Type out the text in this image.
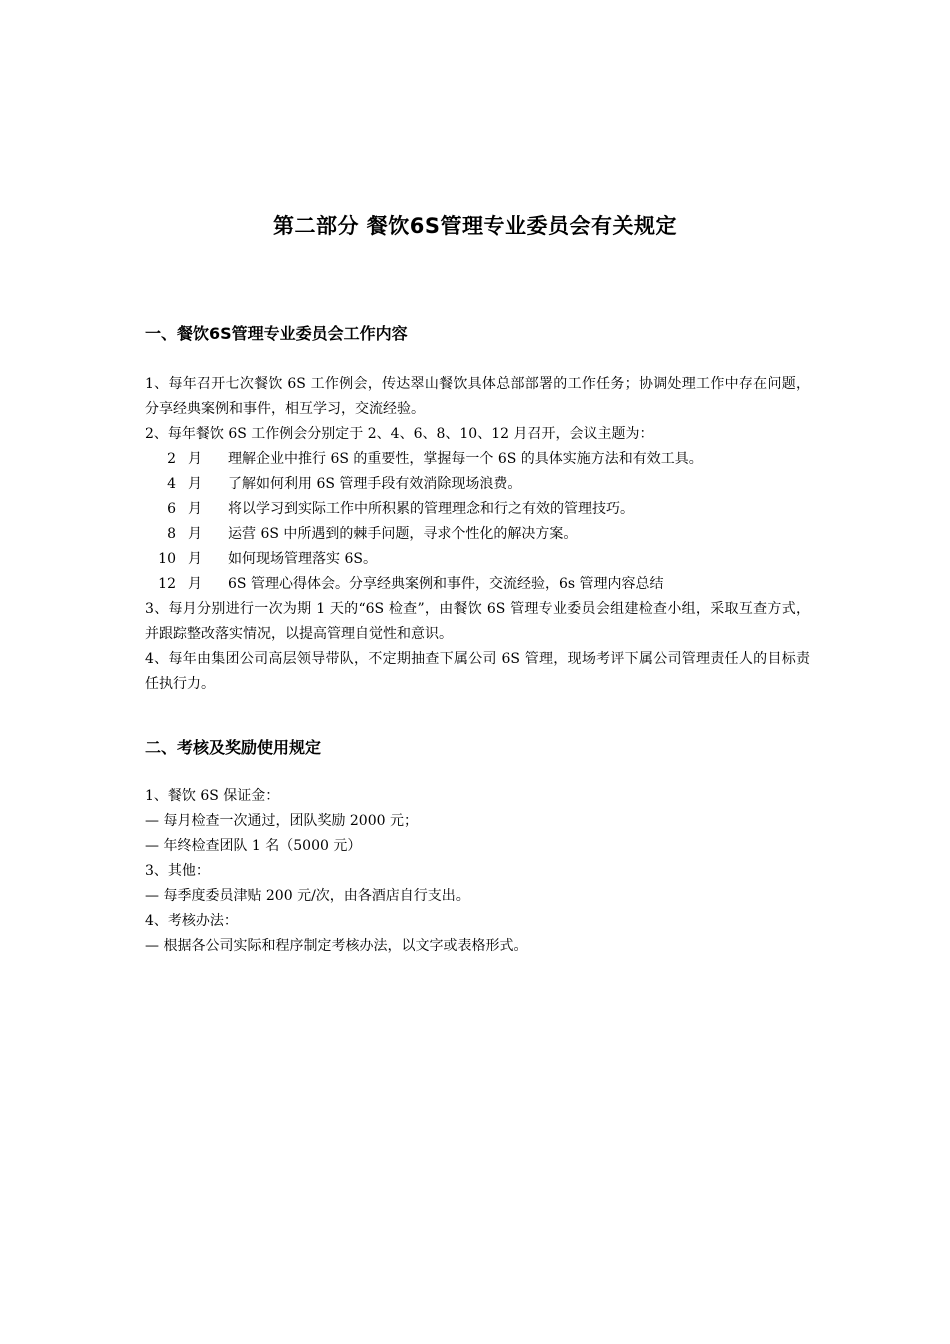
第二部分 餐饮6S管理专业委员会有关规定
一、餐饮6S管理专业委员会工作内容

1、每年召开七次餐饮 6S 工作例会，传达翠山餐饮具体总部部署的工作任务；协调处理工作中存在问题，分享经典案例和事件，相互学习，交流经验。

2、每年餐饮 6S 工作例会分别定于 2、4、6、8、10、12 月召开，会议主题为：

2 月	理解企业中推行 6S 的重要性，掌握每一个 6S 的具体实施方法和有效工具。
4 月	了解如何利用 6S 管理手段有效消除现场浪费。
6 月	将以学习到实际工作中所积累的管理理念和行之有效的管理技巧。
8 月	运营 6S 中所遇到的棘手问题，寻求个性化的解决方案。
10 月	如何现场管理落实 6S。
12 月	6S 管理心得体会。分享经典案例和事件，交流经验，6s 管理内容总结

3、每月分别进行一次为期 1 天的“6S 检查”，由餐饮 6S 管理专业委员会组建检查小组，采取互查方式，并跟踪整改落实情况，以提高管理自觉性和意识。

4、每年由集团公司高层领导带队，不定期抽查下属公司 6S 管理，现场考评下属公司管理责任人的目标责任执行力。

二、考核及奖励使用规定
1、餐饮 6S 保证金：
— 每月检查一次通过，团队奖励 2000 元；
— 年终检查团队 1 名（5000 元）
3、其他：
— 每季度委员津贴 200 元/次，由各酒店自行支出。
4、考核办法：
— 根据各公司实际和程序制定考核办法，以文字或表格形式。
